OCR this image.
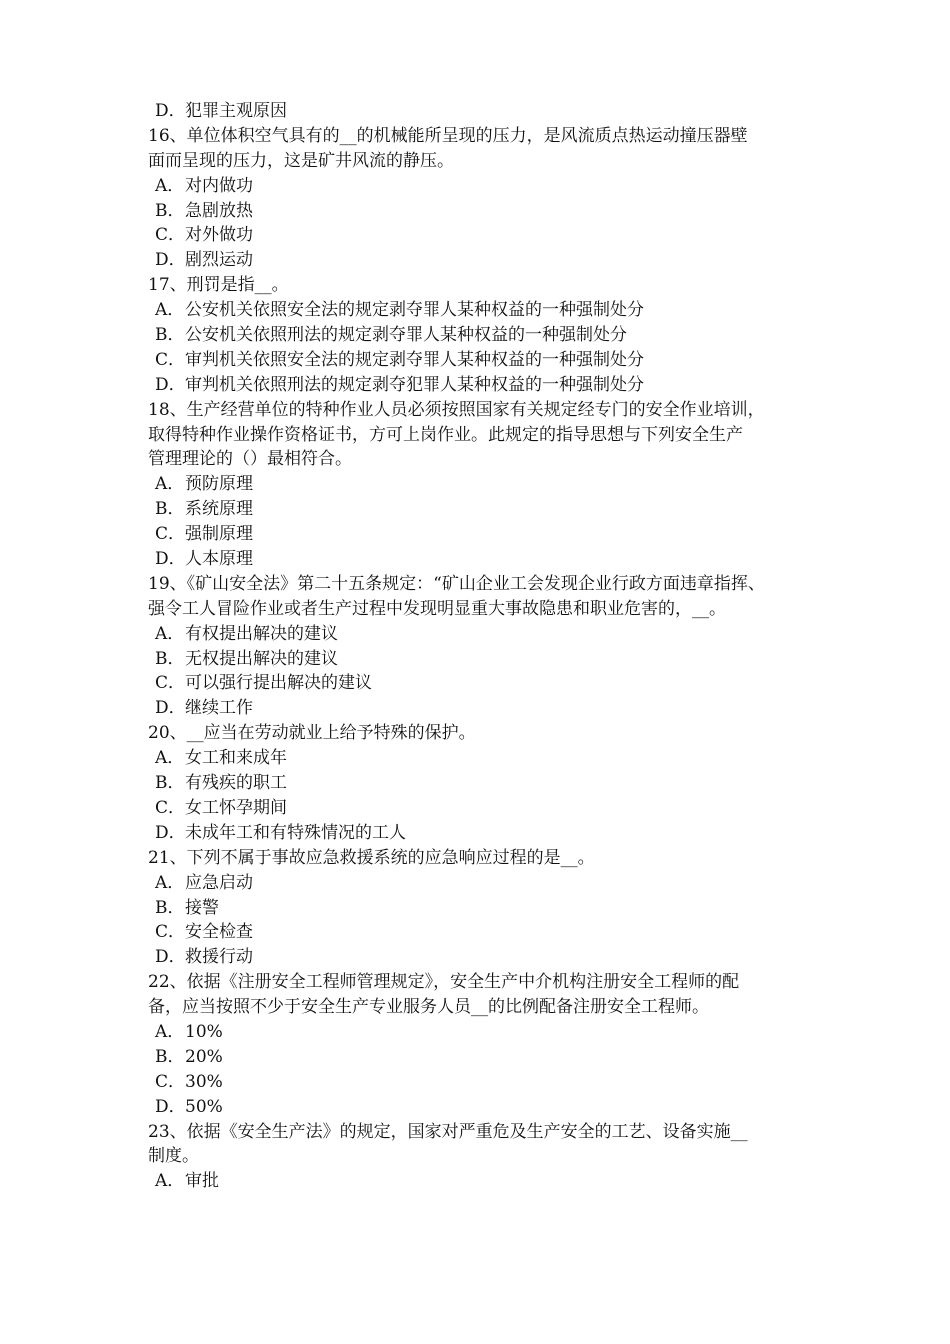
D．犯罪主观原因
16、单位体积空气具有的__的机械能所呈现的压力，是风流质点热运动撞压器壁
面而呈现的压力，这是矿井风流的静压。
A．对内做功
B．急剧放热
C．对外做功
D．剧烈运动
17、刑罚是指__。
A．公安机关依照安全法的规定剥夺罪人某种权益的一种强制处分
B．公安机关依照刑法的规定剥夺罪人某种权益的一种强制处分
C．审判机关依照安全法的规定剥夺罪人某种权益的一种强制处分
D．审判机关依照刑法的规定剥夺犯罪人某种权益的一种强制处分
18、生产经营单位的特种作业人员必须按照国家有关规定经专门的安全作业培训，
取得特种作业操作资格证书，方可上岗作业。此规定的指导思想与下列安全生产
管理理论的（）最相符合。
A．预防原理
B．系统原理
C．强制原理
D．人本原理
19、《矿山安全法》第二十五条规定：“矿山企业工会发现企业行政方面违章指挥、
强令工人冒险作业或者生产过程中发现明显重大事故隐患和职业危害的，__。
A．有权提出解决的建议
B．无权提出解决的建议
C．可以强行提出解决的建议
D．继续工作
20、__应当在劳动就业上给予特殊的保护。
A．女工和来成年
B．有残疾的职工
C．女工怀孕期间
D．未成年工和有特殊情况的工人
21、下列不属于事故应急救援系统的应急响应过程的是__。
A．应急启动
B．接警
C．安全检查
D．救援行动
22、依据《注册安全工程师管理规定》，安全生产中介机构注册安全工程师的配
备，应当按照不少于安全生产专业服务人员__的比例配备注册安全工程师。
A．10%
B．20%
C．30%
D．50%
23、依据《安全生产法》的规定，国家对严重危及生产安全的工艺、设备实施__
制度。
A．审批
